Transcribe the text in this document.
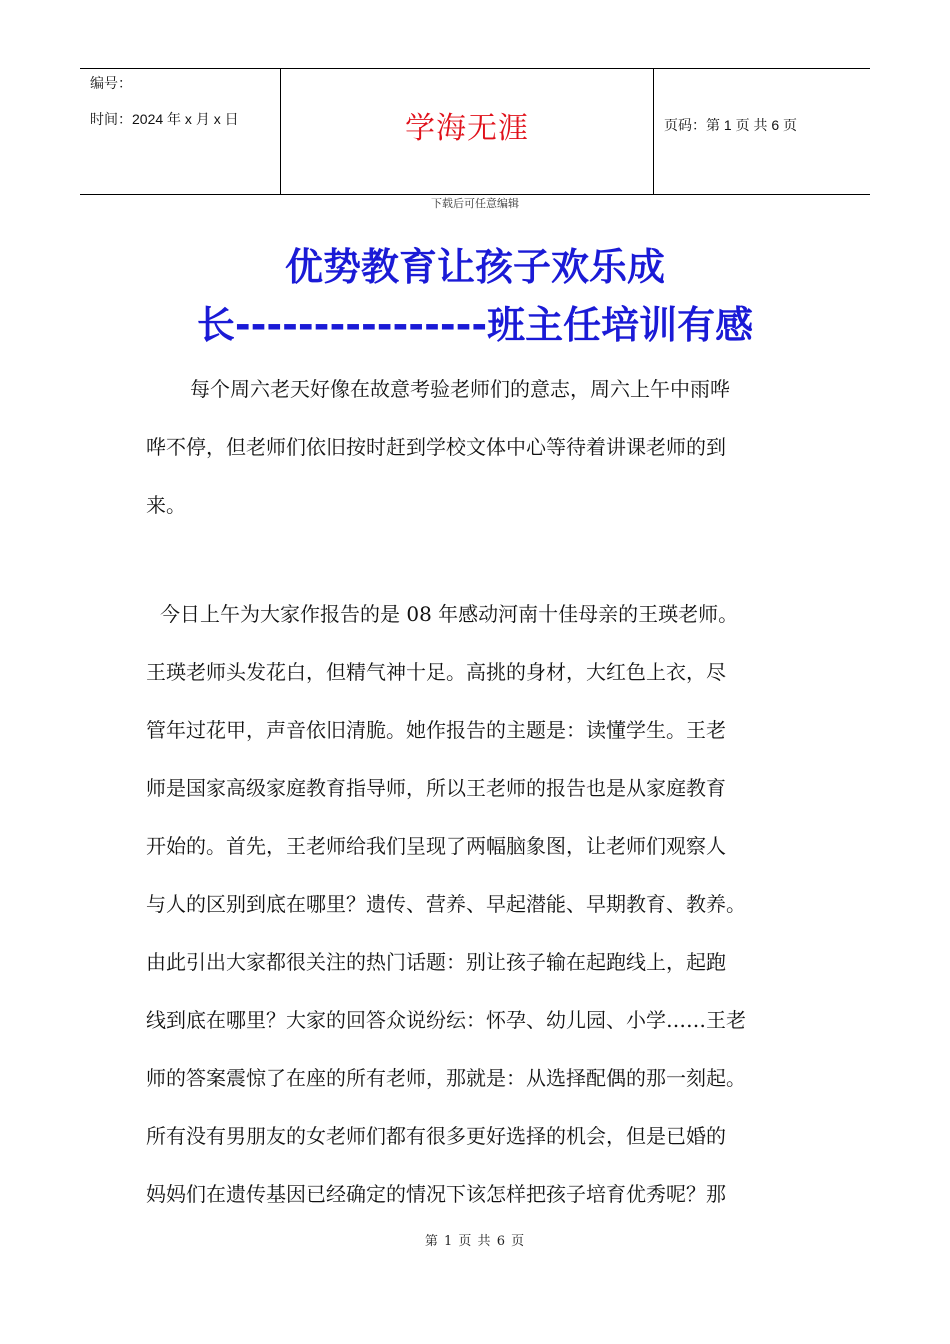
编号：
时间：2024 年 x 月 x 日	学海无涯	页码：第 1 页 共 6 页
下载后可任意编辑
优势教育让孩子欢乐成
长----------------班主任培训有感
每个周六老天好像在故意考验老师们的意志，周六上午中雨哗
哗不停，但老师们依旧按时赶到学校文体中心等待着讲课老师的到
来。
今日上午为大家作报告的是 08 年感动河南十佳母亲的王瑛老师。
王瑛老师头发花白，但精气神十足。高挑的身材，大红色上衣，尽
管年过花甲，声音依旧清脆。她作报告的主题是：读懂学生。王老
师是国家高级家庭教育指导师，所以王老师的报告也是从家庭教育
开始的。首先，王老师给我们呈现了两幅脑象图，让老师们观察人
与人的区别到底在哪里？遗传、营养、早起潜能、早期教育、教养。
由此引出大家都很关注的热门话题：别让孩子输在起跑线上，起跑
线到底在哪里？大家的回答众说纷纭：怀孕、幼儿园、小学……王老
师的答案震惊了在座的所有老师，那就是：从选择配偶的那一刻起。
所有没有男朋友的女老师们都有很多更好选择的机会，但是已婚的
妈妈们在遗传基因已经确定的情况下该怎样把孩子培育优秀呢？那
第 1 页 共 6 页
